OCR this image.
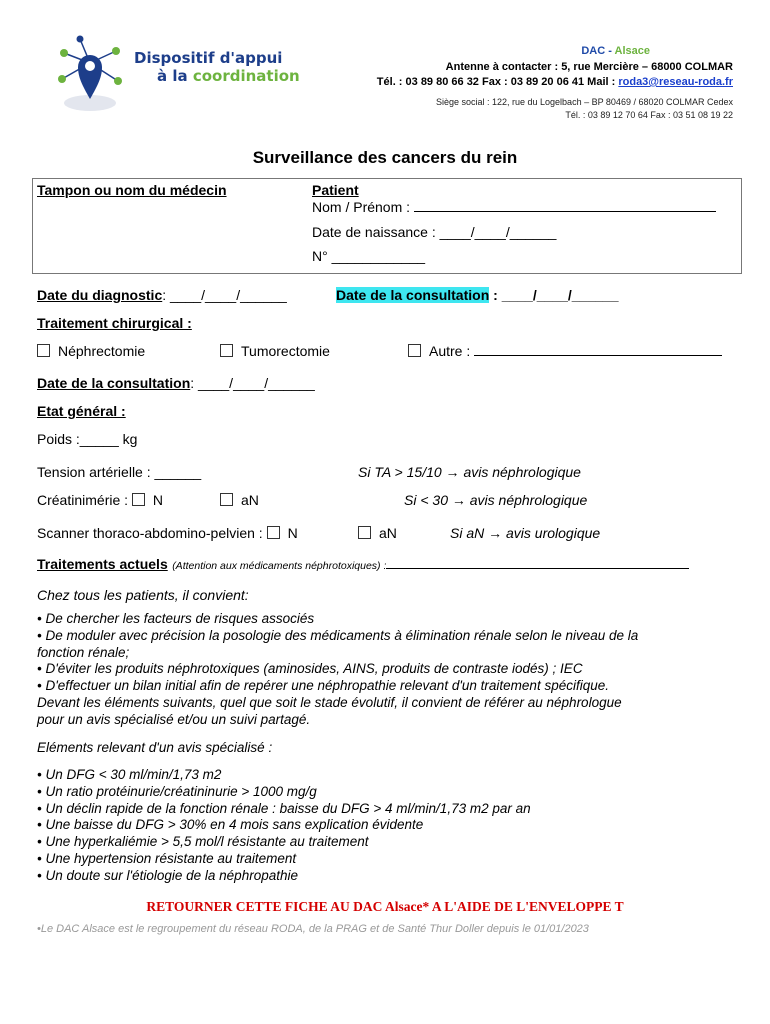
Dispositif d'appui
à la coordination
DAC - Alsace
Antenne à contacter : 5, rue Mercière – 68000 COLMAR
Tél. : 03 89 80 66 32 Fax : 03 89 20 06 41 Mail : roda3@reseau-roda.fr
Siège social : 122, rue du Logelbach – BP 80469 / 68020 COLMAR Cedex
Tél. : 03 89 12 70 64 Fax : 03 51 08 19 22
Surveillance des cancers du rein
Tampon ou nom du médecin	Patient
Nom / Prénom :
Date de naissance : ____/____/______
N° ____________
Date du diagnostic: ____/____/______	Date de la consultation : ____/____/______
Traitement chirurgical :
Néphrectomie	Tumorectomie	Autre :
Date de la consultation: ____/____/______
Etat général :
Poids :_____ kg
Tension artérielle : ______	Si TA > 15/10 → avis néphrologique
Créatinimérie : N	aN	Si < 30 → avis néphrologique
Scanner thoraco-abdomino-pelvien : N	aN	Si aN → avis urologique
Traitements actuels (Attention aux médicaments néphrotoxiques) :
Chez tous les patients, il convient:
• De chercher les facteurs de risques associés
• De moduler avec précision la posologie des médicaments à élimination rénale selon le niveau de la
fonction rénale;
• D'éviter les produits néphrotoxiques (aminosides, AINS, produits de contraste iodés) ; IEC
• D'effectuer un bilan initial afin de repérer une néphropathie relevant d'un traitement spécifique.
Devant les éléments suivants, quel que soit le stade évolutif, il convient de référer au néphrologue
pour un avis spécialisé et/ou un suivi partagé.
Eléments relevant d'un avis spécialisé :
• Un DFG < 30 ml/min/1,73 m2
• Un ratio protéinurie/créatininurie > 1000 mg/g
• Un déclin rapide de la fonction rénale : baisse du DFG > 4 ml/min/1,73 m2 par an
• Une baisse du DFG > 30% en 4 mois sans explication évidente
• Une hyperkaliémie > 5,5 mol/l résistante au traitement
• Une hypertension résistante au traitement
• Un doute sur l'étiologie de la néphropathie
RETOURNER CETTE FICHE AU DAC Alsace* A L'AIDE DE L'ENVELOPPE T
•Le DAC Alsace est le regroupement du réseau RODA, de la PRAG et de Santé Thur Doller depuis le 01/01/2023
